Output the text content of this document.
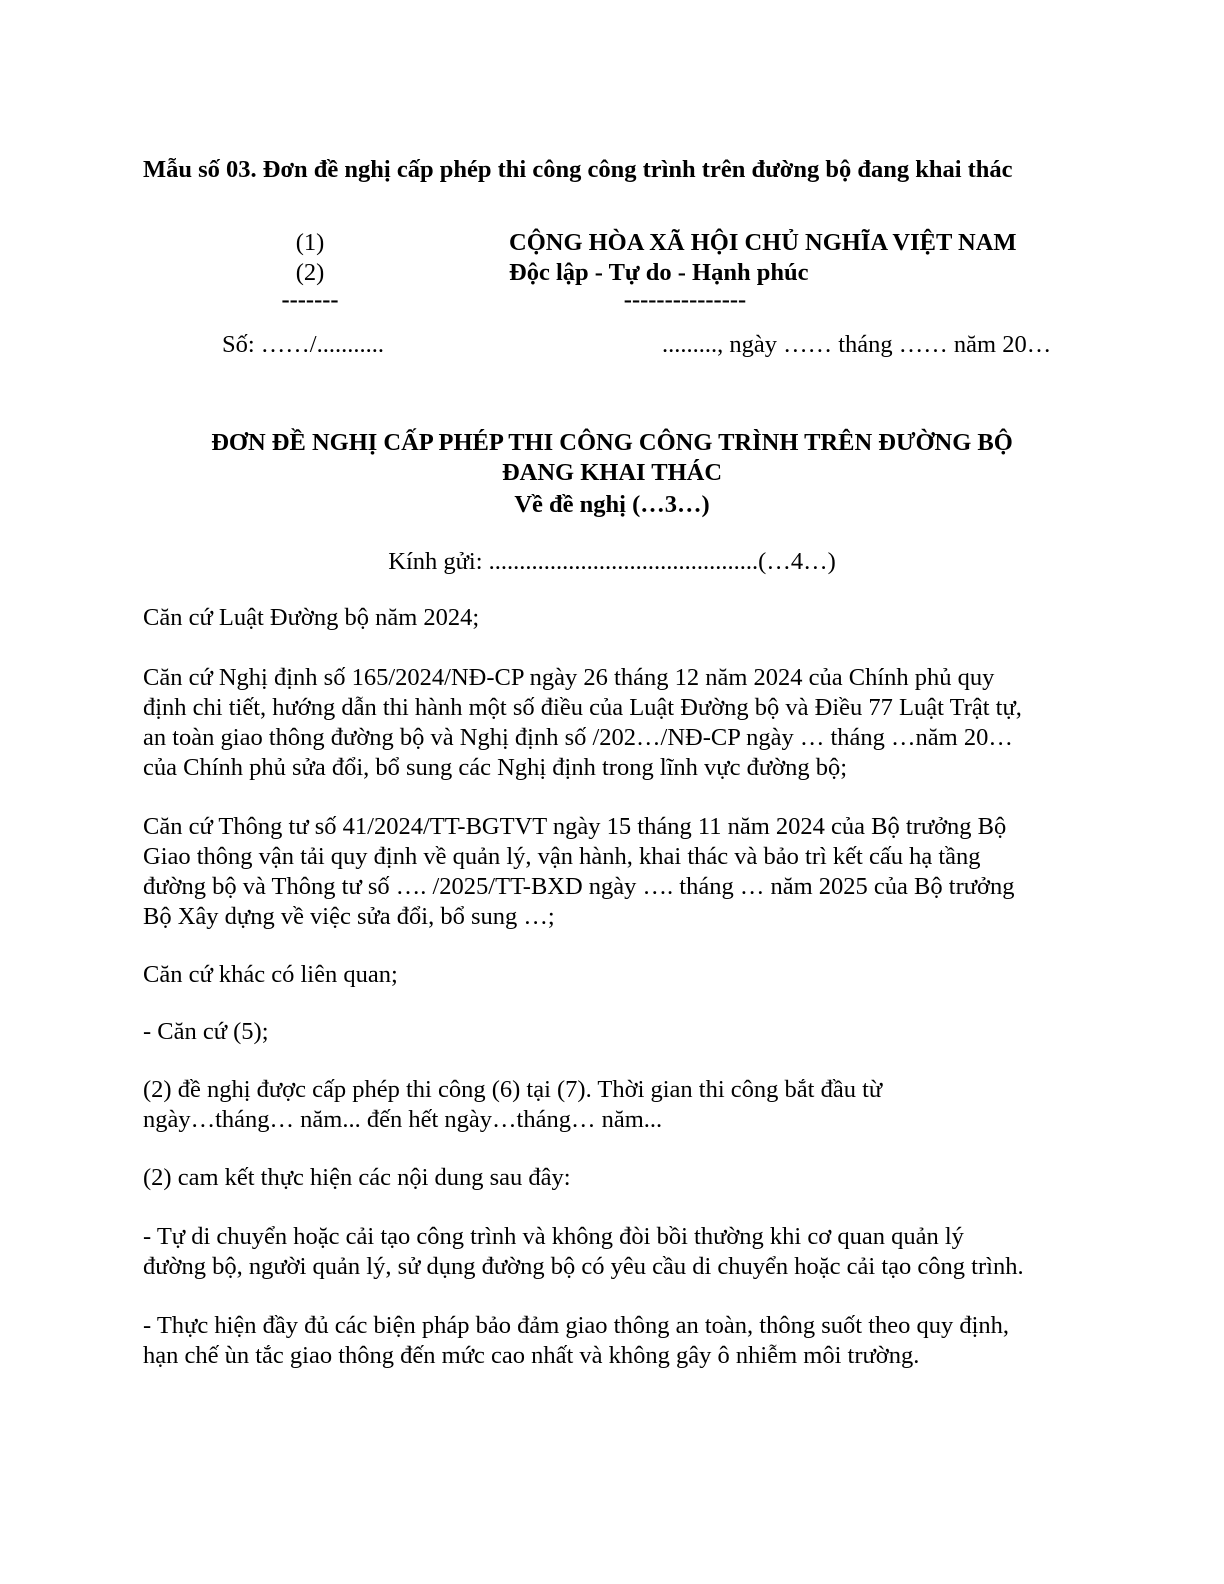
Mẫu số 03. Đơn đề nghị cấp phép thi công công trình trên đường bộ đang khai thác
(1)
(2)
-------
CỘNG HÒA XÃ HỘI CHỦ NGHĨA VIỆT NAM
Độc lập - Tự do - Hạnh phúc
---------------
Số: ……/...........	........., ngày …… tháng …… năm 20…
ĐƠN ĐỀ NGHỊ CẤP PHÉP THI CÔNG CÔNG TRÌNH TRÊN ĐƯỜNG BỘ
ĐANG KHAI THÁC
Về đề nghị (…3…)
Kính gửi: ............................................(…4…)
Căn cứ Luật Đường bộ năm 2024;
Căn cứ Nghị định số 165/2024/NĐ-CP ngày 26 tháng 12 năm 2024 của Chính phủ quy
định chi tiết, hướng dẫn thi hành một số điều của Luật Đường bộ và Điều 77 Luật Trật tự,
an toàn giao thông đường bộ và Nghị định số /202…/NĐ-CP ngày … tháng …năm 20…
của Chính phủ sửa đổi, bổ sung các Nghị định trong lĩnh vực đường bộ;
Căn cứ Thông tư số 41/2024/TT-BGTVT ngày 15 tháng 11 năm 2024 của Bộ trưởng Bộ
Giao thông vận tải quy định về quản lý, vận hành, khai thác và bảo trì kết cấu hạ tầng
đường bộ và Thông tư số …. /2025/TT-BXD ngày …. tháng … năm 2025 của Bộ trưởng
Bộ Xây dựng về việc sửa đổi, bổ sung …;
Căn cứ khác có liên quan;
- Căn cứ (5);
(2) đề nghị được cấp phép thi công (6) tại (7). Thời gian thi công bắt đầu từ
ngày…tháng… năm... đến hết ngày…tháng… năm...
(2) cam kết thực hiện các nội dung sau đây:
- Tự di chuyển hoặc cải tạo công trình và không đòi bồi thường khi cơ quan quản lý
đường bộ, người quản lý, sử dụng đường bộ có yêu cầu di chuyển hoặc cải tạo công trình.
- Thực hiện đầy đủ các biện pháp bảo đảm giao thông an toàn, thông suốt theo quy định,
hạn chế ùn tắc giao thông đến mức cao nhất và không gây ô nhiễm môi trường.
